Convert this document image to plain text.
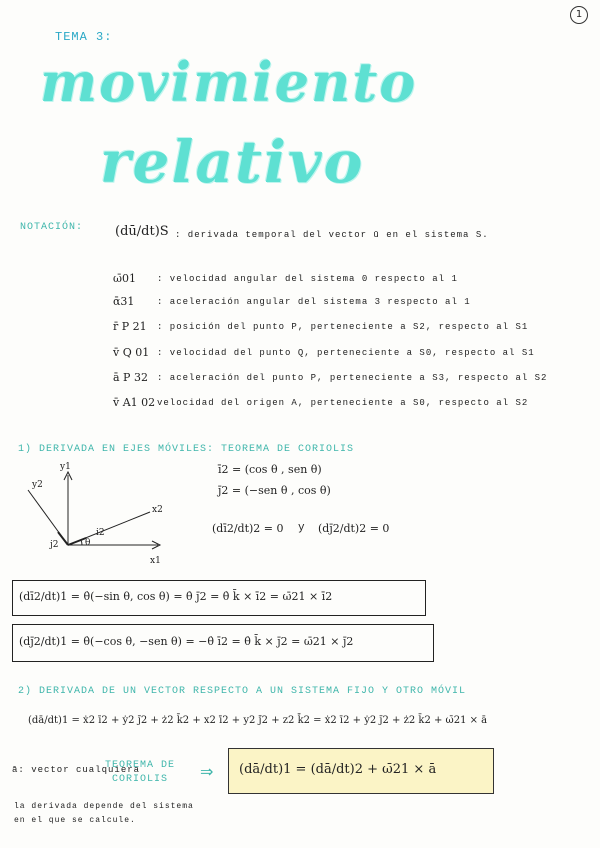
1
TEMA 3:
movimiento
relativo
NOTACIÓN: (dū/dt)S : derivada temporal del vector ū en el sistema S.
ω̄01 : velocidad angular del sistema 0 respecto al 1
ᾱ31	: aceleración angular del sistema 3 respecto al 1
r̄ P 21 : posición del punto P, perteneciente a S2, respecto al S1
v̄ Q 01 : velocidad del punto Q, perteneciente a S0, respecto al S1
ā P 32 : aceleración del punto P, perteneciente a S3, respecto al S2
v̄ A1 02 velocidad del origen A, perteneciente a S0, respecto al S2
1) DERIVADA EN EJES MÓVILES: TEOREMA DE CORIOLIS
y1
y2
x2
x1
j2
i2
θ
ī2 = (cos θ , sen θ)
j̄2 = (−sen θ , cos θ)
(dī2/dt)2 = 0 y (dj̄2/dt)2 = 0
(dī2/dt)1 = θ̇(−sin θ, cos θ) = θ̇ j̄2 = θ̇ k̄ × ī2 = ω̄21 × ī2
(dj̄2/dt)1 = θ̇(−cos θ, −sen θ) = −θ̇ ī2 = θ̇ k̄ × j̄2 = ω̄21 × j̄2
2) DERIVADA DE UN VECTOR RESPECTO A UN SISTEMA FIJO Y OTRO MÓVIL
(dā/dt)1 = ẋ2 ī2 + ẏ2 j̄2 + ż2 k̄2 + x2 ī̇2 + y2 j̄̇2 + z2 k̄̇2 = ẋ2 ī2 + ẏ2 j̄2 + ż2 k̄2 + ω̄21 × ā
ā: vector cualquiera
TEOREMA DE
CORIOLIS ⇒ (dā/dt)1 = (dā/dt)2 + ω̄21 × ā
la derivada depende del sistema
en el que se calcule.
